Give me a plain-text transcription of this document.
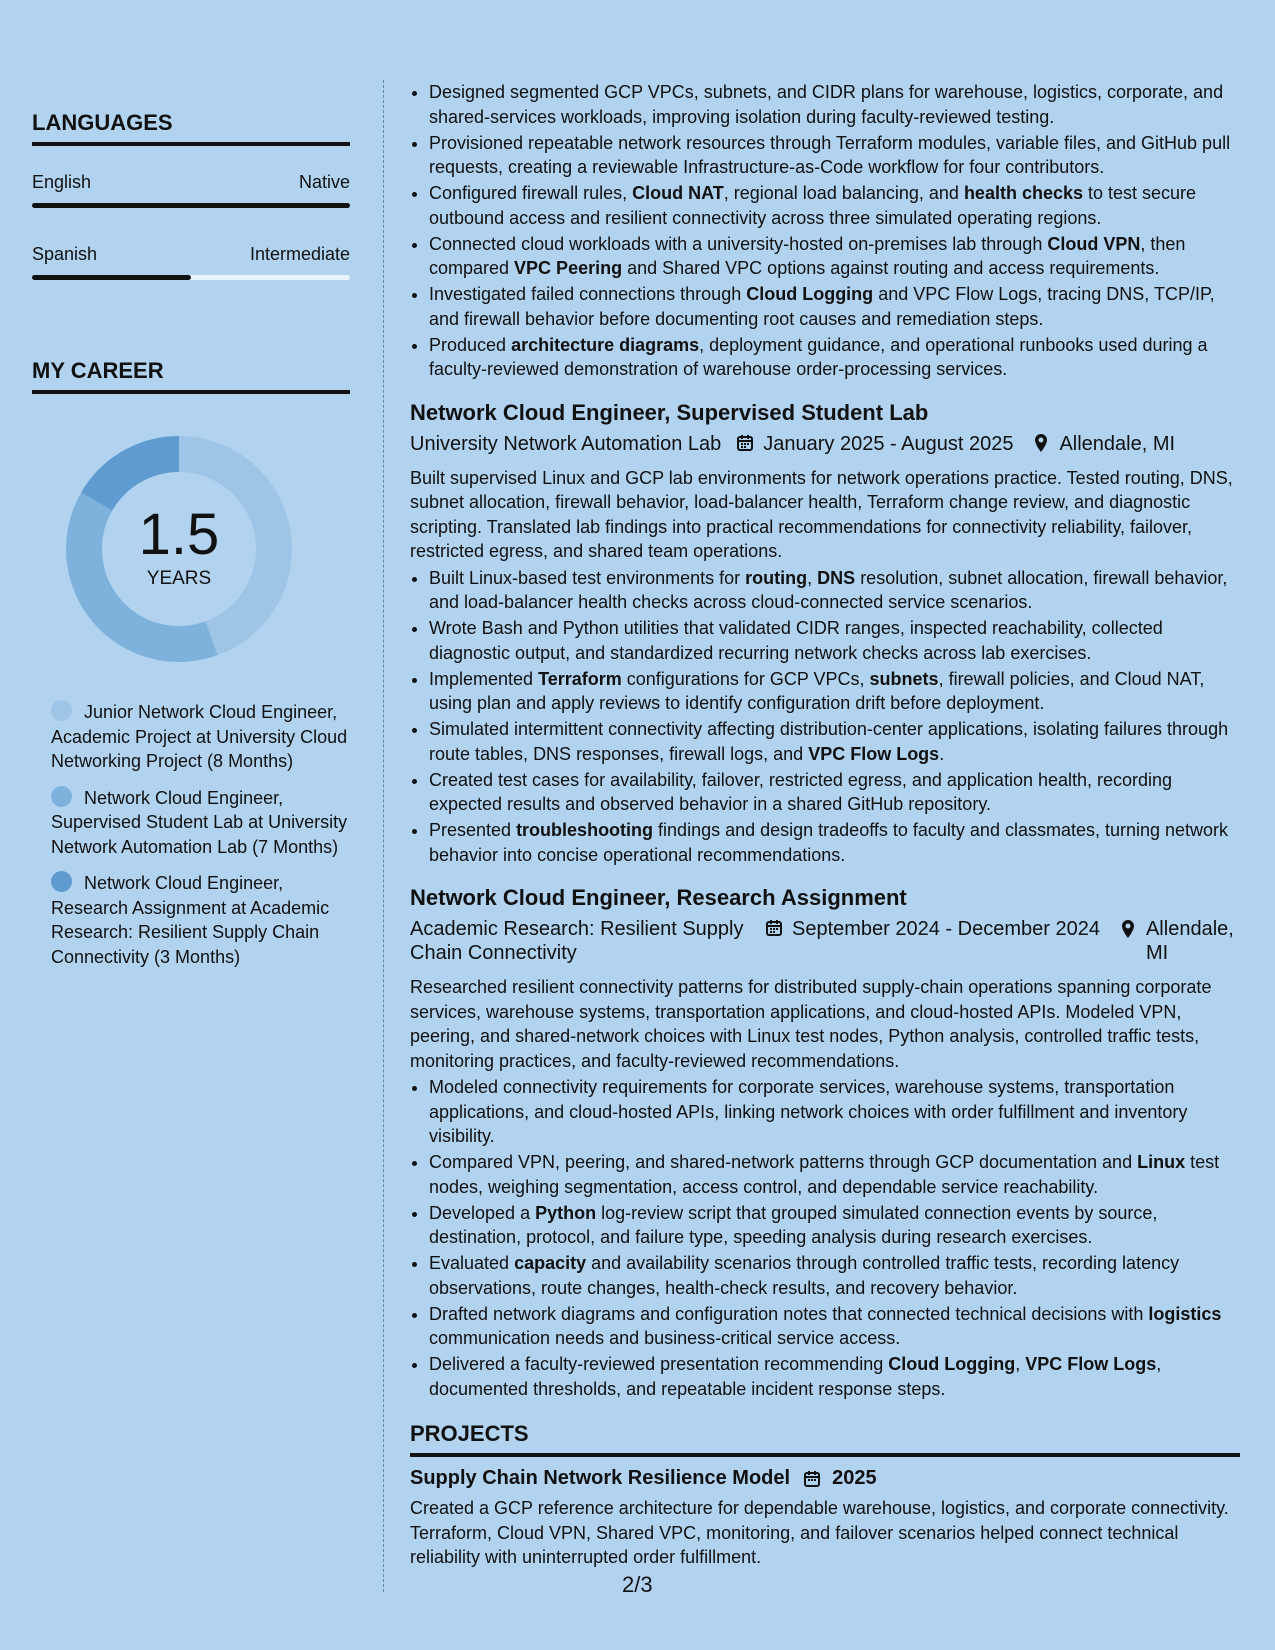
LANGUAGES
English	Native
Spanish	Intermediate
MY CAREER
1.5
YEARS
Junior Network Cloud Engineer, Academic Project at University Cloud Networking Project (8 Months)
Network Cloud Engineer, Supervised Student Lab at University Network Automation Lab (7 Months)
Network Cloud Engineer, Research Assignment at Academic Research: Resilient Supply Chain Connectivity (3 Months)
• Designed segmented GCP VPCs, subnets, and CIDR plans for warehouse, logistics, corporate, and shared-services workloads, improving isolation during faculty-reviewed testing.
• Provisioned repeatable network resources through Terraform modules, variable files, and GitHub pull requests, creating a reviewable Infrastructure-as-Code workflow for four contributors.
• Configured firewall rules, Cloud NAT, regional load balancing, and health checks to test secure outbound access and resilient connectivity across three simulated operating regions.
• Connected cloud workloads with a university-hosted on-premises lab through Cloud VPN, then compared VPC Peering and Shared VPC options against routing and access requirements.
• Investigated failed connections through Cloud Logging and VPC Flow Logs, tracing DNS, TCP/IP, and firewall behavior before documenting root causes and remediation steps.
• Produced architecture diagrams, deployment guidance, and operational runbooks used during a faculty-reviewed demonstration of warehouse order-processing services.
Network Cloud Engineer, Supervised Student Lab
University Network Automation Lab	January 2025 - August 2025	Allendale, MI
Built supervised Linux and GCP lab environments for network operations practice. Tested routing, DNS, subnet allocation, firewall behavior, load-balancer health, Terraform change review, and diagnostic scripting. Translated lab findings into practical recommendations for connectivity reliability, failover, restricted egress, and shared team operations.
• Built Linux-based test environments for routing, DNS resolution, subnet allocation, firewall behavior, and load-balancer health checks across cloud-connected service scenarios.
• Wrote Bash and Python utilities that validated CIDR ranges, inspected reachability, collected diagnostic output, and standardized recurring network checks across lab exercises.
• Implemented Terraform configurations for GCP VPCs, subnets, firewall policies, and Cloud NAT, using plan and apply reviews to identify configuration drift before deployment.
• Simulated intermittent connectivity affecting distribution-center applications, isolating failures through route tables, DNS responses, firewall logs, and VPC Flow Logs.
• Created test cases for availability, failover, restricted egress, and application health, recording expected results and observed behavior in a shared GitHub repository.
• Presented troubleshooting findings and design tradeoffs to faculty and classmates, turning network behavior into concise operational recommendations.
Network Cloud Engineer, Research Assignment
Academic Research: Resilient Supply Chain Connectivity
September 2024 - December 2024 Allendale, MI
Researched resilient connectivity patterns for distributed supply-chain operations spanning corporate services, warehouse systems, transportation applications, and cloud-hosted APIs. Modeled VPN, peering, and shared-network choices with Linux test nodes, Python analysis, controlled traffic tests, monitoring practices, and faculty-reviewed recommendations.
• Modeled connectivity requirements for corporate services, warehouse systems, transportation applications, and cloud-hosted APIs, linking network choices with order fulfillment and inventory visibility.
• Compared VPN, peering, and shared-network patterns through GCP documentation and Linux test nodes, weighing segmentation, access control, and dependable service reachability.
• Developed a Python log-review script that grouped simulated connection events by source, destination, protocol, and failure type, speeding analysis during research exercises.
• Evaluated capacity and availability scenarios through controlled traffic tests, recording latency observations, route changes, health-check results, and recovery behavior.
• Drafted network diagrams and configuration notes that connected technical decisions with logistics communication needs and business-critical service access.
• Delivered a faculty-reviewed presentation recommending Cloud Logging, VPC Flow Logs, documented thresholds, and repeatable incident response steps.
PROJECTS
Supply Chain Network Resilience Model 2025
Created a GCP reference architecture for dependable warehouse, logistics, and corporate connectivity. Terraform, Cloud VPN, Shared VPC, monitoring, and failover scenarios helped connect technical reliability with uninterrupted order fulfillment.
2/3
